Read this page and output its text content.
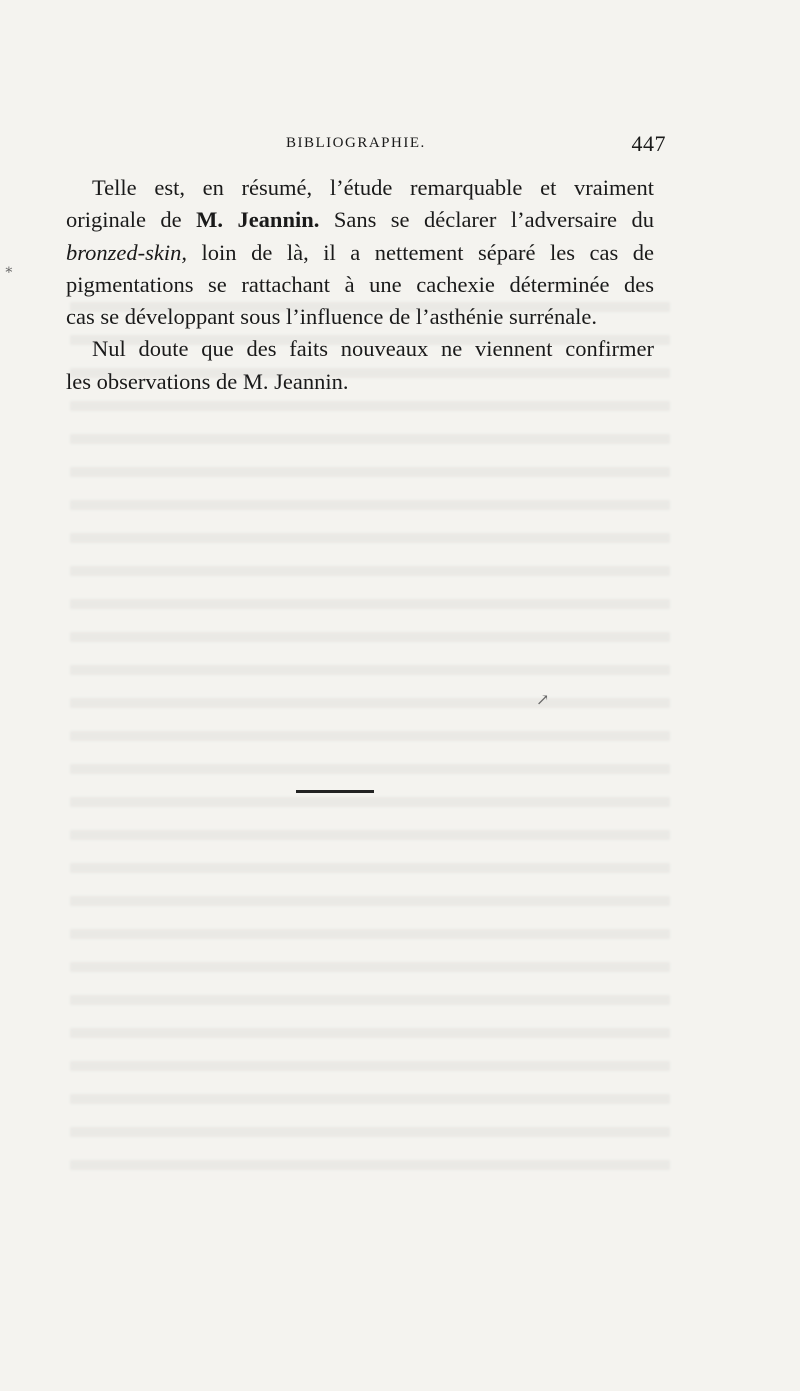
BIBLIOGRAPHIE.	447

Telle est, en résumé, l’étude remarquable et vraiment
originale de M. Jeannin. Sans se déclarer l’adversaire du
bronzed-skin, loin de là, il a nettement séparé les cas de
pigmentations se rattachant à une cachexie déterminée des
cas se développant sous l’influence de l’asthénie surrénale.

Nul doute que des faits nouveaux ne viennent confirmer
les observations de M. Jeannin.

∗
↗
